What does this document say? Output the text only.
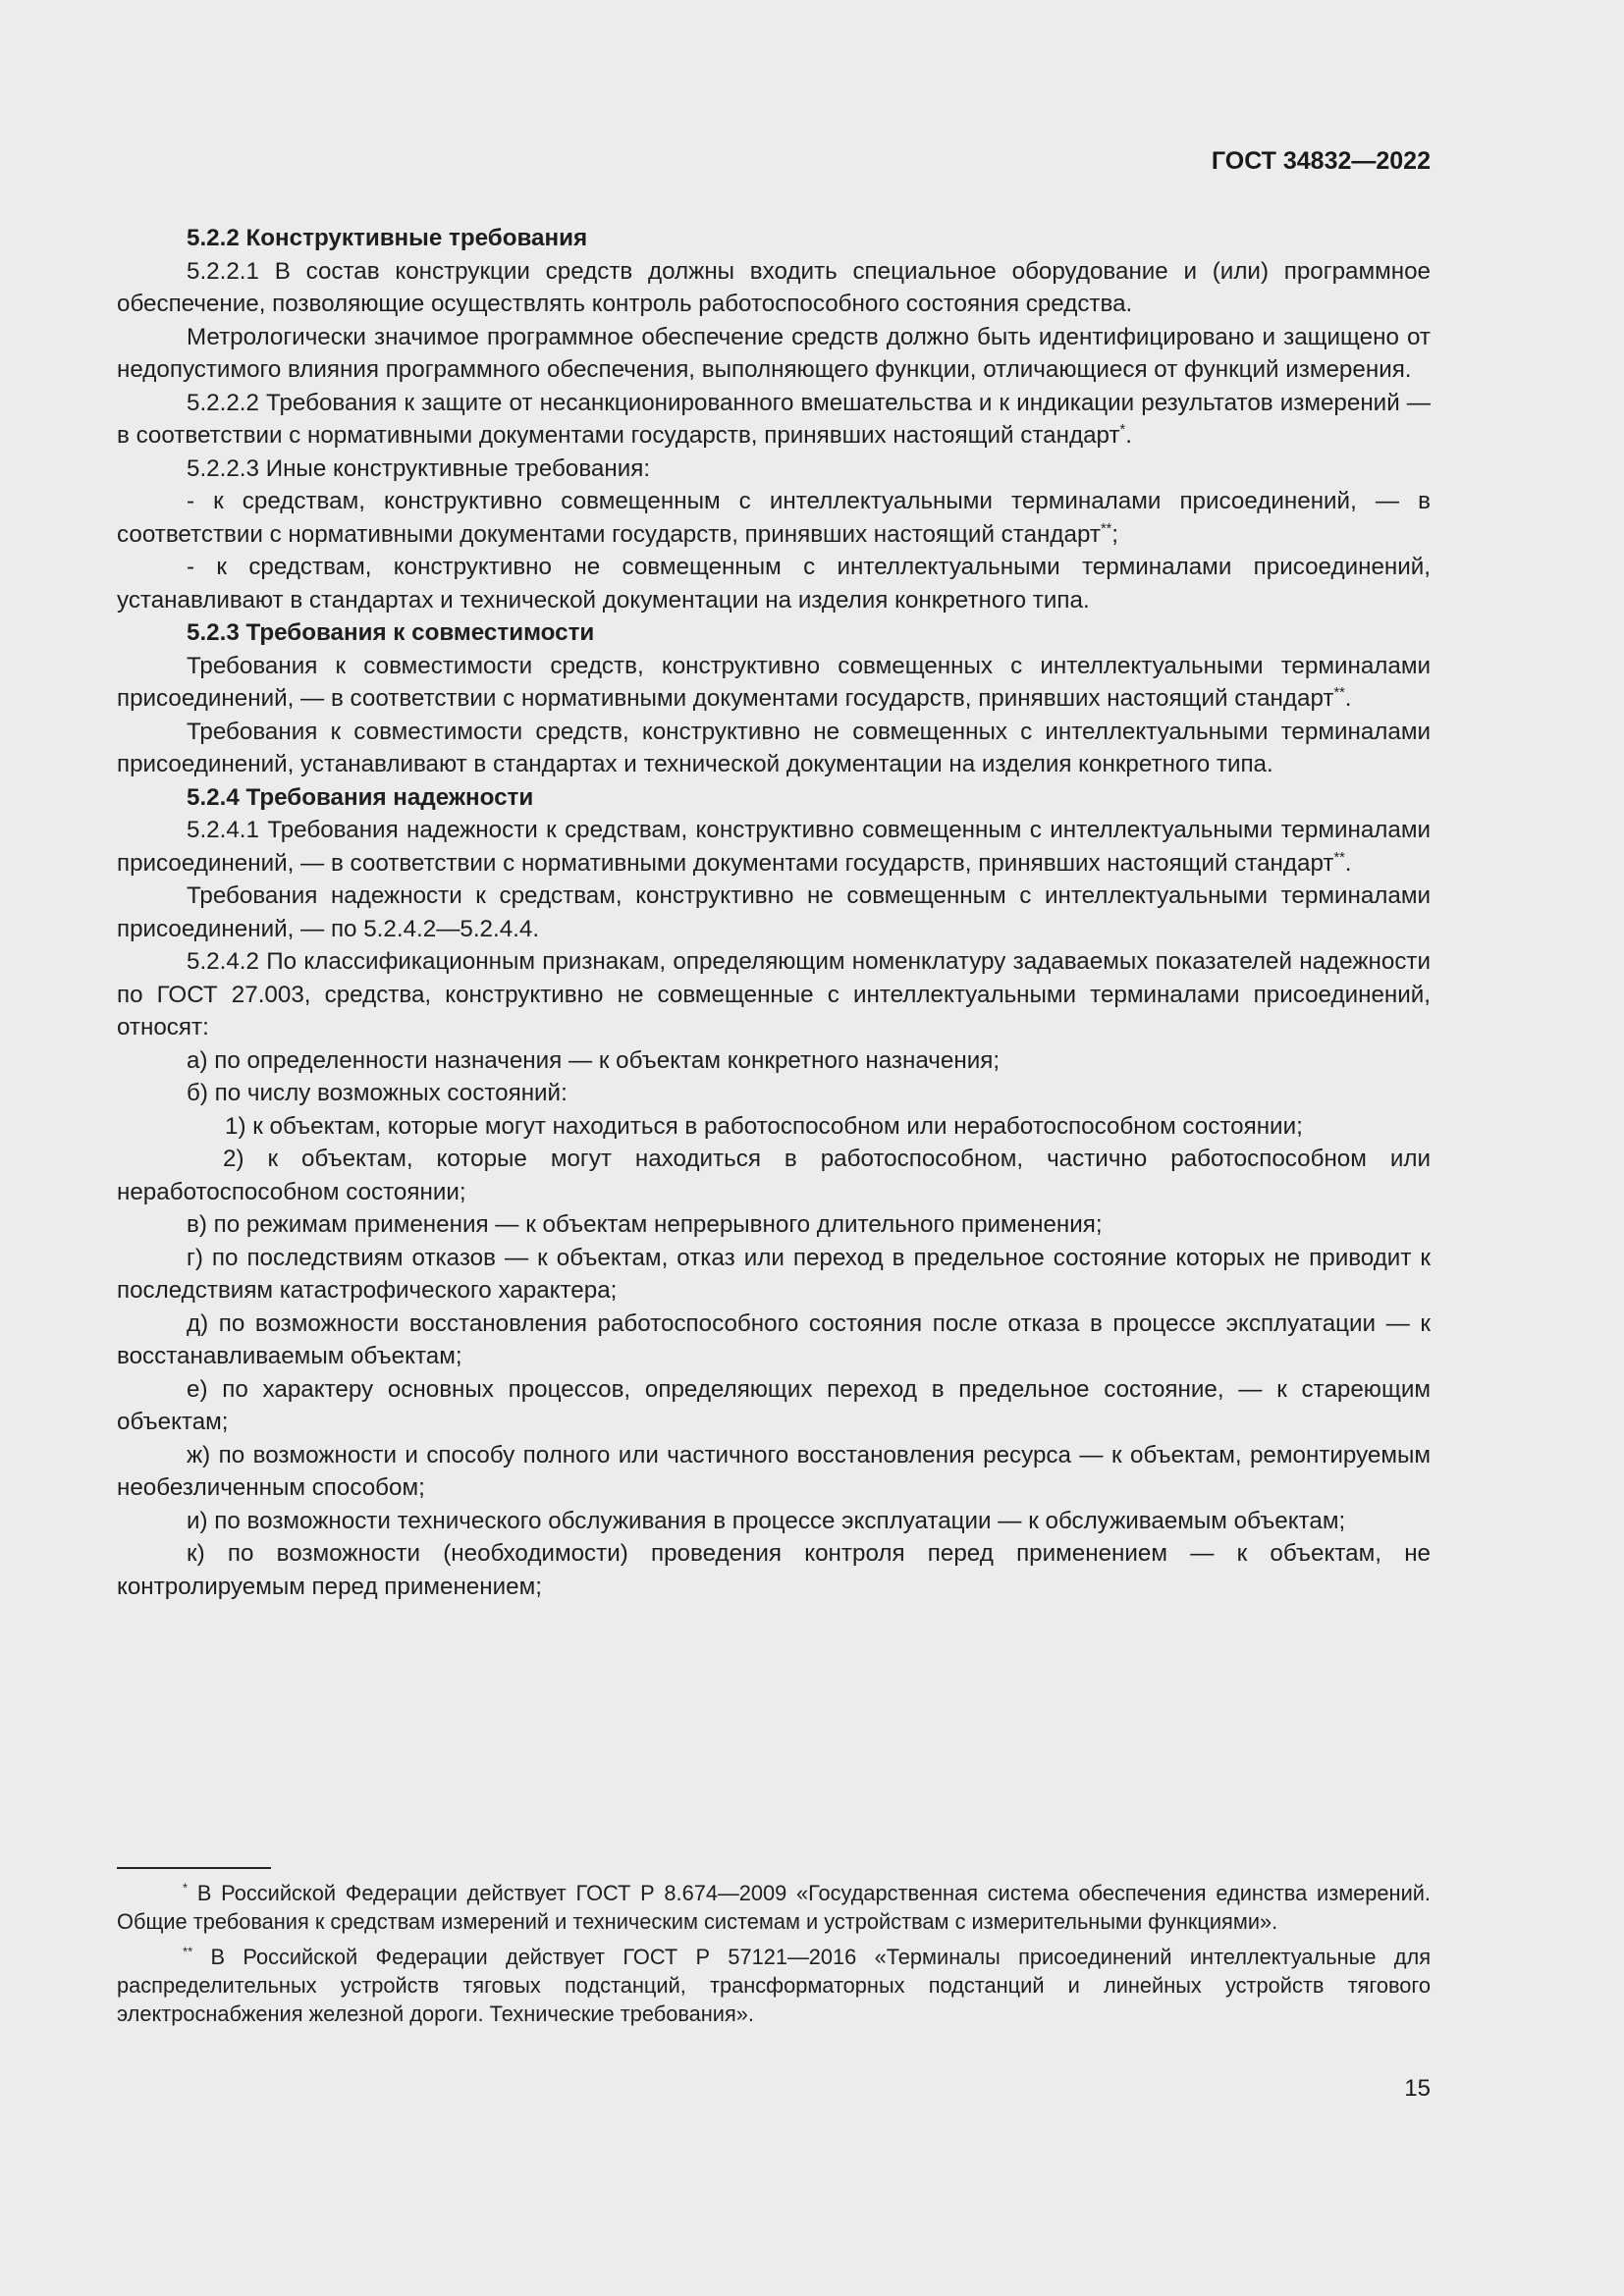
ГОСТ 34832—2022

5.2.2 Конструктивные требования

5.2.2.1 В состав конструкции средств должны входить специальное оборудование и (или) программное обеспечение, позволяющие осуществлять контроль работоспособного состояния средства.

Метрологически значимое программное обеспечение средств должно быть идентифицировано и защищено от недопустимого влияния программного обеспечения, выполняющего функции, отличающиеся от функций измерения.

5.2.2.2 Требования к защите от несанкционированного вмешательства и к индикации результатов измерений — в соответствии с нормативными документами государств, принявших настоящий стандарт*.

5.2.2.3 Иные конструктивные требования:

- к средствам, конструктивно совмещенным с интеллектуальными терминалами присоединений, — в соответствии с нормативными документами государств, принявших настоящий стандарт**;

- к средствам, конструктивно не совмещенным с интеллектуальными терминалами присоединений, устанавливают в стандартах и технической документации на изделия конкретного типа.

5.2.3 Требования к совместимости

Требования к совместимости средств, конструктивно совмещенных с интеллектуальными терминалами присоединений, — в соответствии с нормативными документами государств, принявших настоящий стандарт**.

Требования к совместимости средств, конструктивно не совмещенных с интеллектуальными терминалами присоединений, устанавливают в стандартах и технической документации на изделия конкретного типа.

5.2.4 Требования надежности

5.2.4.1 Требования надежности к средствам, конструктивно совмещенным с интеллектуальными терминалами присоединений, — в соответствии с нормативными документами государств, принявших настоящий стандарт**.

Требования надежности к средствам, конструктивно не совмещенным с интеллектуальными терминалами присоединений, — по 5.2.4.2—5.2.4.4.

5.2.4.2 По классификационным признакам, определяющим номенклатуру задаваемых показателей надежности по ГОСТ 27.003, средства, конструктивно не совмещенные с интеллектуальными терминалами присоединений, относят:

а) по определенности назначения — к объектам конкретного назначения;

б) по числу возможных состояний:

1) к объектам, которые могут находиться в работоспособном или неработоспособном состоянии;

2) к объектам, которые могут находиться в работоспособном, частично работоспособном или неработоспособном состоянии;

в) по режимам применения — к объектам непрерывного длительного применения;

г) по последствиям отказов — к объектам, отказ или переход в предельное состояние которых не приводит к последствиям катастрофического характера;

д) по возможности восстановления работоспособного состояния после отказа в процессе эксплуатации — к восстанавливаемым объектам;

е) по характеру основных процессов, определяющих переход в предельное состояние, — к стареющим объектам;

ж) по возможности и способу полного или частичного восстановления ресурса — к объектам, ремонтируемым необезличенным способом;

и) по возможности технического обслуживания в процессе эксплуатации — к обслуживаемым объектам;

к) по возможности (необходимости) проведения контроля перед применением — к объектам, не контролируемым перед применением;

* В Российской Федерации действует ГОСТ Р 8.674—2009 «Государственная система обеспечения единства измерений. Общие требования к средствам измерений и техническим системам и устройствам с измерительными функциями».

** В Российской Федерации действует ГОСТ Р 57121—2016 «Терминалы присоединений интеллектуальные для распределительных устройств тяговых подстанций, трансформаторных подстанций и линейных устройств тягового электроснабжения железной дороги. Технические требования».

15
